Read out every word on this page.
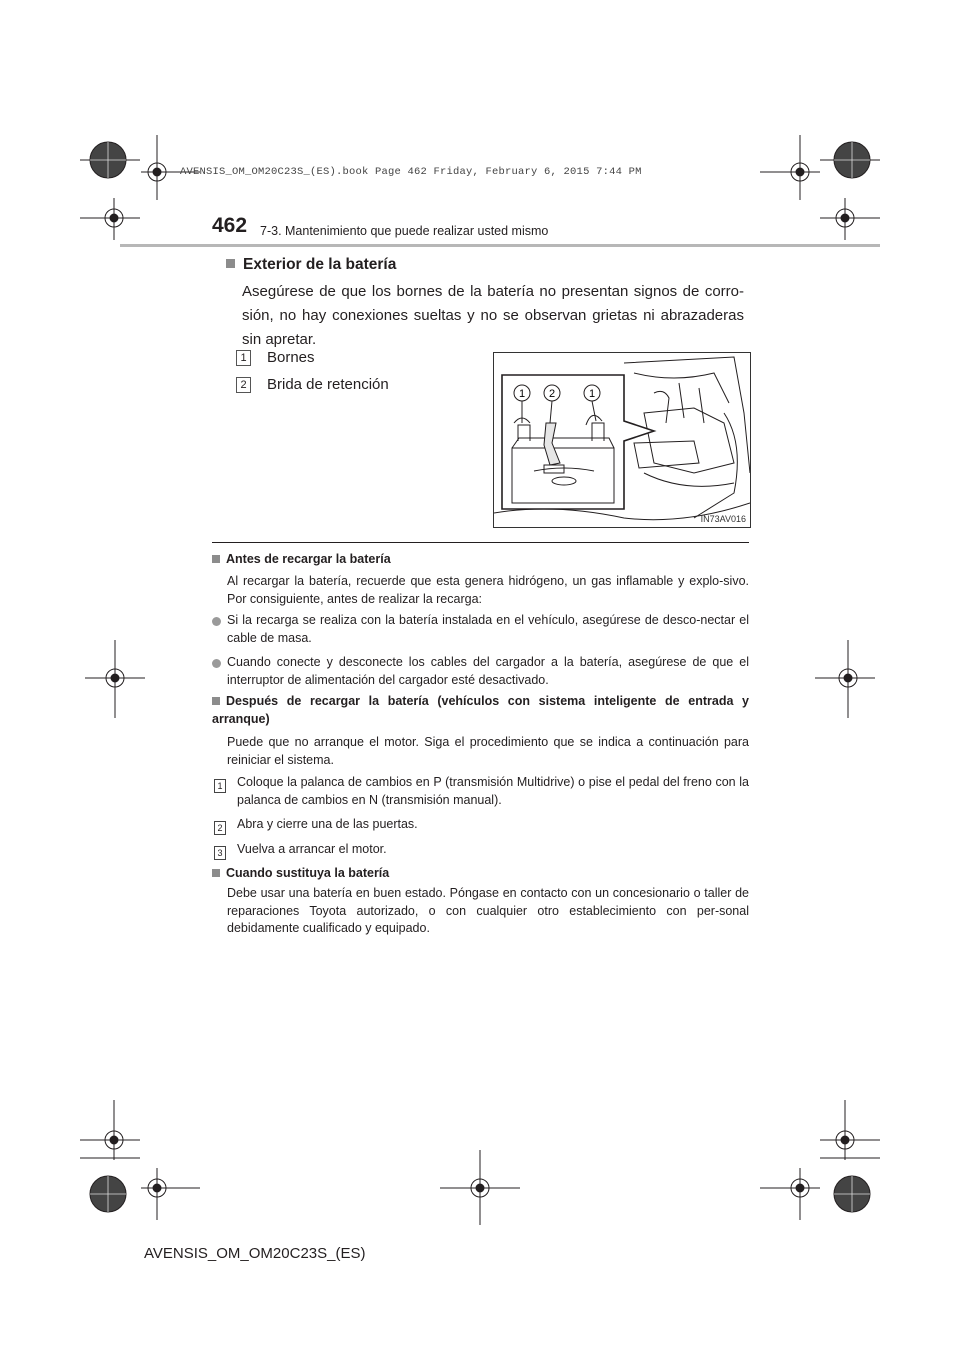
AVENSIS_OM_OM20C23S_(ES).book Page 462 Friday, February 6, 2015 7:44 PM
462 7-3. Mantenimiento que puede realizar usted mismo
Exterior de la batería
Asegúrese de que los bornes de la batería no presentan signos de corro-sión, no hay conexiones sueltas y no se observan grietas ni abrazaderas sin apretar.
1 Bornes
2 Brida de retención
1 2	1
IN73AV016
Antes de recargar la batería
Al recargar la batería, recuerde que esta genera hidrógeno, un gas inflamable y explo-sivo. Por consiguiente, antes de realizar la recarga:
Si la recarga se realiza con la batería instalada en el vehículo, asegúrese de desco-nectar el cable de masa.
Cuando conecte y desconecte los cables del cargador a la batería, asegúrese de que el interruptor de alimentación del cargador esté desactivado.
Después de recargar la batería (vehículos con sistema inteligente de entrada y arranque)
Puede que no arranque el motor. Siga el procedimiento que se indica a continuación para reiniciar el sistema.
1 Coloque la palanca de cambios en P (transmisión Multidrive) o pise el pedal del freno con la palanca de cambios en N (transmisión manual).
2 Abra y cierre una de las puertas.
3 Vuelva a arrancar el motor.
Cuando sustituya la batería
Debe usar una batería en buen estado. Póngase en contacto con un concesionario o taller de reparaciones Toyota autorizado, o con cualquier otro establecimiento con per-sonal debidamente cualificado y equipado.
AVENSIS_OM_OM20C23S_(ES)
